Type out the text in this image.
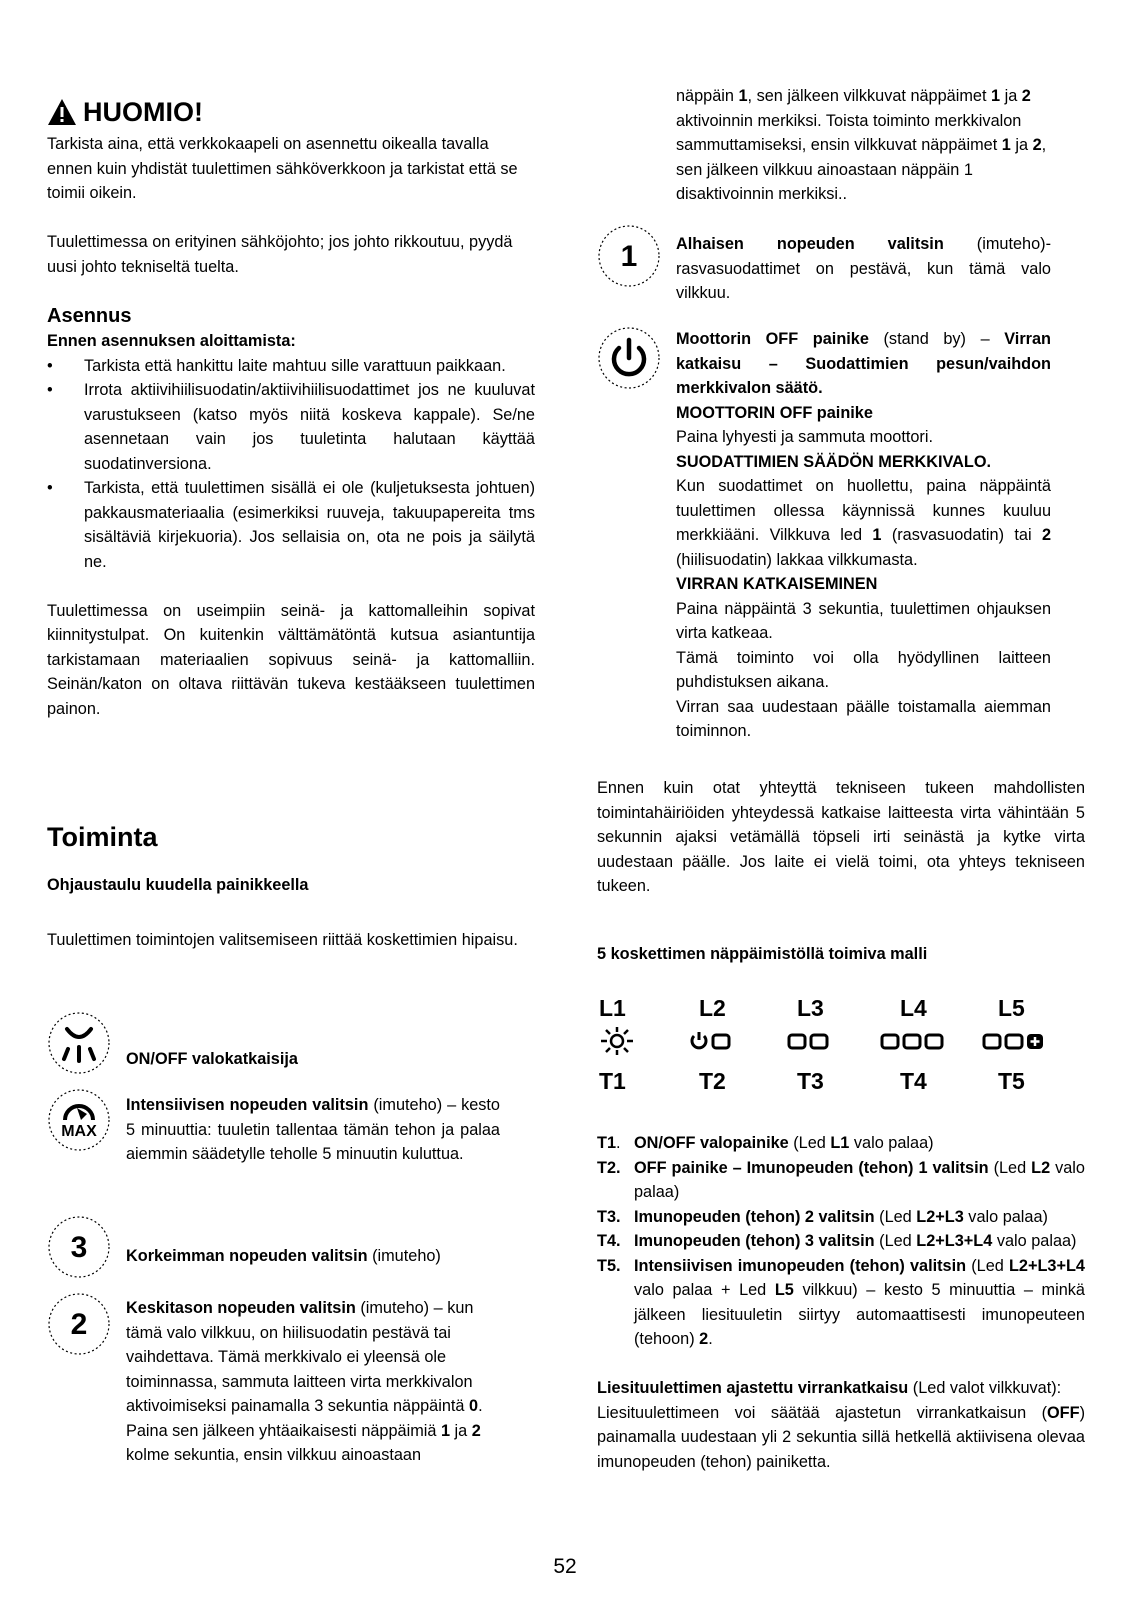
HUOMIO!

Tarkista aina, että verkkokaapeli on asennettu oikealla tavalla ennen kuin yhdistät tuulettimen sähköverkkoon ja tarkistat että se toimii oikein.

Tuulettimessa on erityinen sähköjohto; jos johto rikkoutuu, pyydä uusi johto tekniseltä tuelta.

Asennus

Ennen asennuksen aloittamista:

• Tarkista että hankittu laite mahtuu sille varattuun paikkaan.
• Irrota aktiivihiilisuodatin/aktiivihiilisuodattimet jos ne kuuluvat varustukseen (katso myös niitä koskeva kappale). Se/ne asennetaan vain jos tuuletinta halutaan käyttää suodatinversiona.
• Tarkista, että tuulettimen sisällä ei ole (kuljetuksesta johtuen) pakkausmateriaalia (esimerkiksi ruuveja, takuupapereita tms sisältäviä kirjekuoria). Jos sellaisia on, ota ne pois ja säilytä ne.

Tuulettimessa on useimpiin seinä- ja kattomalleihin sopivat kiinnitystulpat. On kuitenkin välttämätöntä kutsua asiantuntija tarkistamaan materiaalien sopivuus seinä- ja kattomalliin. Seinän/katon on oltava riittävän tukeva kestääkseen tuulettimen painon.

Toiminta

Ohjaustaulu kuudella painikkeella

Tuulettimen toimintojen valitsemiseen riittää koskettimien hipaisu.

ON/OFF valokatkaisija

MAX

Intensiivisen nopeuden valitsin (imuteho) – kesto 5 minuuttia: tuuletin tallentaa tämän tehon ja palaa aiemmin säädetylle teholle 5 minuutin kuluttua.

3 Korkeimman nopeuden valitsin (imuteho)

2 Keskitason nopeuden valitsin (imuteho) – kun tämä valo vilkkuu, on hiilisuodatin pestävä tai vaihdettava. Tämä merkkivalo ei yleensä ole toiminnassa, sammuta laitteen virta merkkivalon aktivoimiseksi painamalla 3 sekuntia näppäintä 0.

Paina sen jälkeen yhtäaikaisesti näppäimiä 1 ja 2 kolme sekuntia, ensin vilkkuu ainoastaan

näppäin 1, sen jälkeen vilkkuvat näppäimet 1 ja 2 aktivoinnin merkiksi. Toista toiminto merkkivalon sammuttamiseksi, ensin vilkkuvat näppäimet 1 ja 2, sen jälkeen vilkkuu ainoastaan näppäin 1 disaktivoinnin merkiksi..

1 Alhaisen nopeuden valitsin (imuteho)- rasvasuodattimet on pestävä, kun tämä valo vilkkuu.

Moottorin OFF painike (stand by) – Virran katkaisu – Suodattimien pesun/vaihdon merkkivalon säätö.

MOOTTORIN OFF painike

Paina lyhyesti ja sammuta moottori.

SUODATTIMIEN SÄÄDÖN MERKKIVALO.

Kun suodattimet on huollettu, paina näppäintä tuulettimen ollessa käynnissä kunnes kuuluu merkkiääni. Vilkkuva led 1 (rasvasuodatin) tai 2 (hiilisuodatin) lakkaa vilkkumasta.

VIRRAN KATKAISEMINEN

Paina näppäintä 3 sekuntia, tuulettimen ohjauksen virta katkeaa.

Tämä toiminto voi olla hyödyllinen laitteen puhdistuksen aikana.

Virran saa uudestaan päälle toistamalla aiemman toiminnon.

Ennen kuin otat yhteyttä tekniseen tukeen mahdollisten toimintahäiriöiden yhteydessä katkaise laitteesta virta vähintään 5 sekunnin ajaksi vetämällä töpseli irti seinästä ja kytke virta uudestaan päälle. Jos laite ei vielä toimi, ota yhteys tekniseen tukeen.

5 koskettimen näppäimistöllä toimiva malli

L1	L2	L3	L4	L5
T1	T2	T3	T4	T5
T1. ON/OFF valopainike (Led L1 valo palaa)
T2. OFF painike – Imunopeuden (tehon) 1 valitsin (Led L2 valo palaa)
T3. Imunopeuden (tehon) 2 valitsin (Led L2+L3 valo palaa)
T4. Imunopeuden (tehon) 3 valitsin (Led L2+L3+L4 valo palaa)
T5. Intensiivisen imunopeuden (tehon) valitsin (Led L2+L3+L4 valo palaa + Led L5 vilkkuu) – kesto 5 minuuttia – minkä jälkeen liesituuletin siirtyy automaattisesti imunopeuteen (tehoon) 2.

Liesituulettimen ajastettu virrankatkaisu (Led valot vilkkuvat):

Liesituulettimeen voi säätää ajastetun virrankatkaisun (OFF) painamalla uudestaan yli 2 sekuntia sillä hetkellä aktiivisena olevaa imunopeuden (tehon) painiketta.

52
